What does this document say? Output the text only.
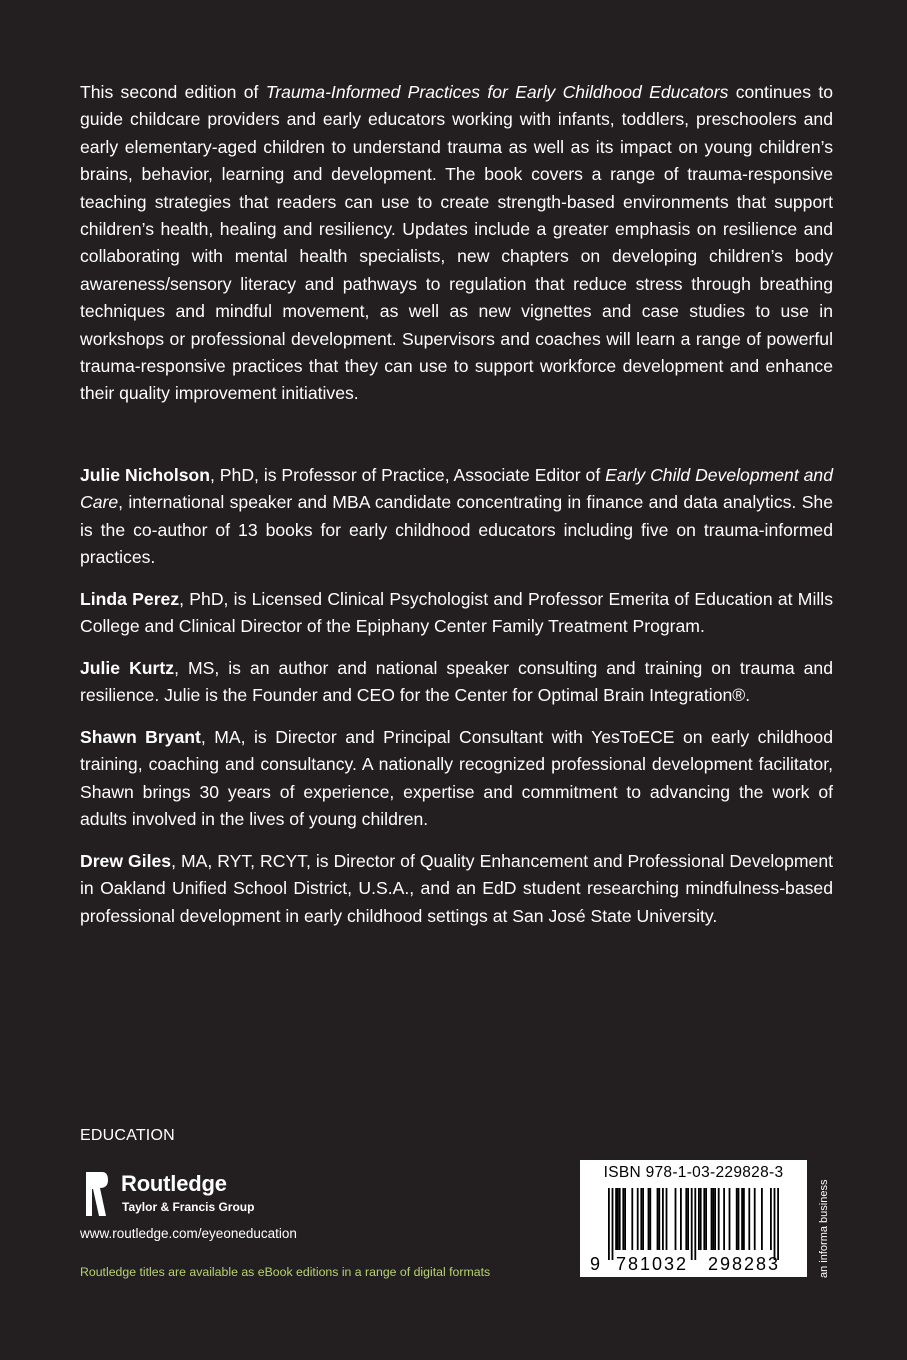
This second edition of Trauma-Informed Practices for Early Childhood Educators continues to guide childcare providers and early educators working with infants, toddlers, preschoolers and early elementary-aged children to understand trauma as well as its impact on young children’s brains, behavior, learning and development. The book covers a range of trauma-responsive teaching strategies that readers can use to create strength-based environments that support children’s health, healing and resiliency. Updates include a greater emphasis on resilience and collaborating with mental health specialists, new chapters on developing children’s body awareness/sensory literacy and pathways to regulation that reduce stress through breathing techniques and mindful movement, as well as new vignettes and case studies to use in workshops or professional development. Supervisors and coaches will learn a range of powerful trauma-responsive practices that they can use to support workforce development and enhance their quality improvement initiatives.

Julie Nicholson, PhD, is Professor of Practice, Associate Editor of Early Child Development and Care, international speaker and MBA candidate concentrating in finance and data analytics. She is the co-author of 13 books for early childhood educators including five on trauma-informed practices.

Linda Perez, PhD, is Licensed Clinical Psychologist and Professor Emerita of Education at Mills College and Clinical Director of the Epiphany Center Family Treatment Program.

Julie Kurtz, MS, is an author and national speaker consulting and training on trauma and resilience. Julie is the Founder and CEO for the Center for Optimal Brain Integration®.

Shawn Bryant, MA, is Director and Principal Consultant with YesToECE on early childhood training, coaching and consultancy. A nationally recognized professional development facilitator, Shawn brings 30 years of experience, expertise and commitment to advancing the work of adults involved in the lives of young children.

Drew Giles, MA, RYT, RCYT, is Director of Quality Enhancement and Professional Development in Oakland Unified School District, U.S.A., and an EdD student researching mindfulness-based professional development in early childhood settings at San José State University.

EDUCATION
ROUTLEDGE Routledge
Taylor & Francis Group
www.routledge.com/eyeoneducation
Routledge titles are available as eBook editions in a range of digital formats
ISBN 978-1-03-229828-3
9 781032 298283	an informa business
